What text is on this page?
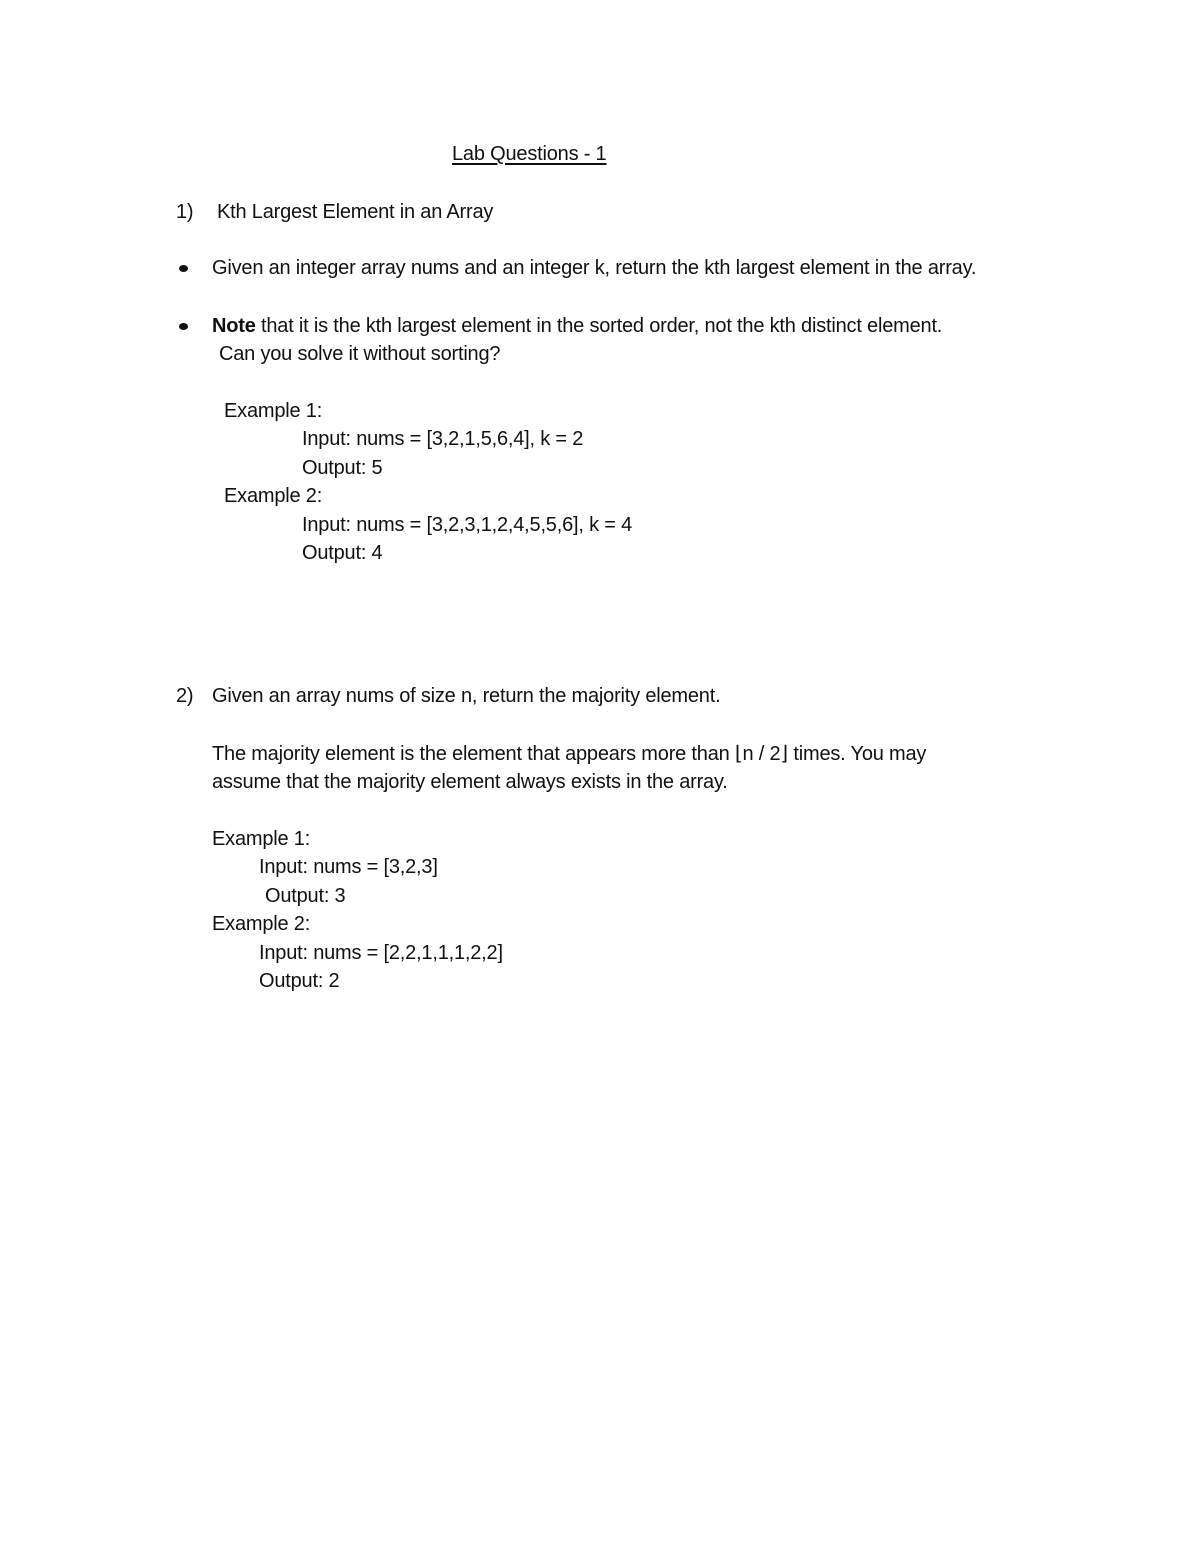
Lab Questions - 1
1) Kth Largest Element in an Array
Given an integer array nums and an integer k, return the kth largest element in the array.
Note that it is the kth largest element in the sorted order, not the kth distinct element.
Can you solve it without sorting?
Example 1:
Input: nums = [3,2,1,5,6,4], k = 2
Output: 5
Example 2:
Input: nums = [3,2,3,1,2,4,5,5,6], k = 4
Output: 4
2) Given an array nums of size n, return the majority element.
The majority element is the element that appears more than ⌊n / 2⌋ times. You may
assume that the majority element always exists in the array.
Example 1:
Input: nums = [3,2,3]
Output: 3
Example 2:
Input: nums = [2,2,1,1,1,2,2]
Output: 2
